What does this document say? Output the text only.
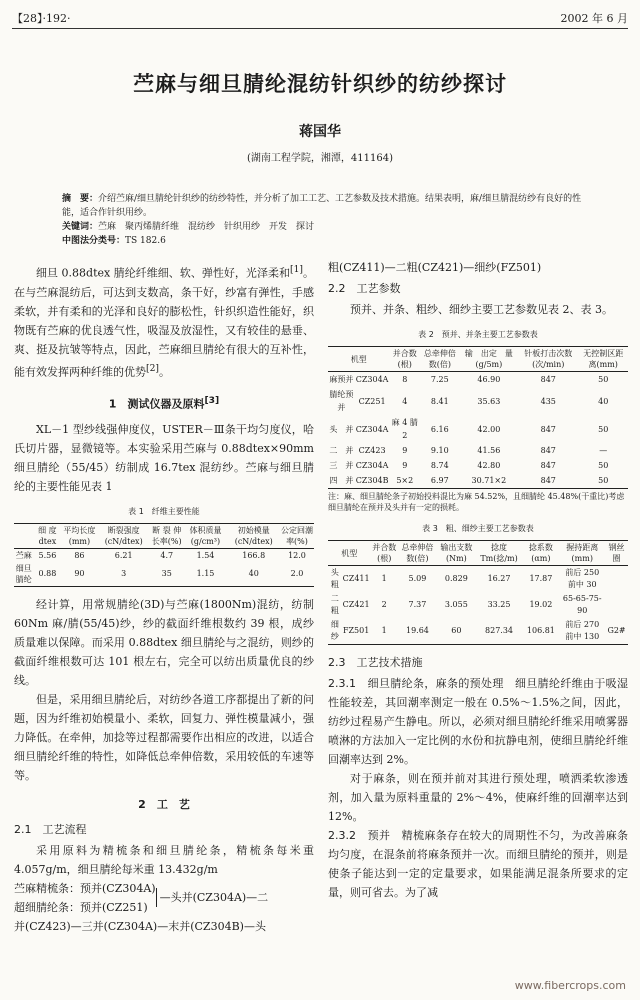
【28】·192·	2002 年 6 月
苎麻与细旦腈纶混纺针织纱的纺纱探讨
蒋国华
(湖南工程学院，湘潭，411164)
摘　要：介绍苎麻/细旦腈纶针织纱的纺纱特性，并分析了加工工艺、工艺参数及技术措施。结果表明，麻/细旦腈混纺纱有良好的性能，适合作针织用纱。
关键词：苎麻　聚丙烯腈纤维　混纺纱　针织用纱　开发　探讨
中图法分类号：TS 182.6

细旦 0.88dtex 腈纶纤维细、软、弹性好，光泽柔和[1]。在与苎麻混纺后，可达到支数高，条干好，纱富有弹性，手感柔软，并有柔和的光泽和良好的膨松性，针织织造性能好，织物既有苎麻的优良透气性，吸湿及放湿性，又有较佳的悬垂、爽、挺及抗皱等特点，因此，苎麻细旦腈纶有很大的互补性，能有效发挥两种纤维的优势[2]。

1　测试仪器及原料[3]

XL－1 型纱线强伸度仪，USTER－Ⅲ条干均匀度仪，哈氏切片器，显微镜等。本实验采用苎麻与 0.88dtex×90mm 细旦腈纶（55/45）纺制成 16.7tex 混纺纱。苎麻与细旦腈纶的主要性能见表 1

表 1　纤维主要性能
	细 度 dtex	平均长度(mm)	断裂强度(cN/dtex)	断 裂 伸长率(%)	体积质量(g/cm³)	初始模量(cN/dtex)	公定回潮率(%)
苎麻	5.56	86	6.21	4.7	1.54	166.8	12.0
细旦腈纶	0.88	90	3	35	1.15	40	2.0

经计算，用常规腈纶(3D)与苎麻(1800Nm)混纺，纺制 60Nm 麻/腈(55/45)纱，纱的截面纤维根数约 39 根，成纱质量难以保障。而采用 0.88dtex 细旦腈纶与之混纺，则纱的截面纤维根数可达 101 根左右，完全可以纺出质量优良的纱线。

但是，采用细旦腈纶后，对纺纱各道工序都提出了新的问题，因为纤维初始模量小、柔软，回复力、弹性模量减小，强力降低。在牵伸，加捻等过程都需要作出相应的改进，以适合细旦腈纶纤维的特性，如降低总牵伸倍数，采用较低的车速等等。

2　工　艺
2.1　工艺流程

采用原料为精梳条和细旦腈纶条，精梳条每米重 4.057g/m，细旦腈纶每米重 13.432g/m

苎麻精梳条：预并(CZ304A)
超细腈纶条：预并(CZ251)
—头并(CZ304A)—二
并(CZ423)—三并(CZ304A)—末并(CZ304B)—头
粗(CZ411)—二粗(CZ421)—细纱(FZ501)
2.2　工艺参数

预并、并条、粗纱、细纱主要工艺参数见表 2、表 3。

表 2　预并、并条主要工艺参数表
机型		并合数(根)	总牵伸倍数(倍)	输　出定　量(g/5m)	针板打击次数(次/min)	无控制区距离(mm)
麻预并	CZ304A	8	7.25	46.90	847	50
腈纶预并	CZ251	4	8.41	35.63	435	40
头　并	CZ304A	麻 4 腈 2	6.16	42.00	847	50
二　并	CZ423	9	9.10	41.56	847	—
三　并	CZ304A	9	8.74	42.80	847	50
四　并	CZ304B	5×2	6.97	30.71×2	847	50
注：麻、细旦腈纶条子初始投料混比为麻 54.52%，且细腈纶 45.48%(干重比)考虑细旦腈纶在预并及头并有一定的损耗。
表 3　粗、细纱主要工艺参数表
机型		并合数(根)	总牵伸倍数(倍)	输出支数(Nm)	捻度Tm(捻/m)	捻系数(αm)	握持距离(mm)	钢丝圈
头粗	CZ411	1	5.09	0.829	16.27	17.87	前后 250 前中 30	
二粗	CZ421	2	7.37	3.055	33.25	19.02	65-65-75-90	
细纱	FZ501	1	19.64	60	827.34	106.81	前后 270 前中 130	G2#
2.3　工艺技术措施

2.3.1　细旦腈纶条，麻条的预处理　细旦腈纶纤维由于吸湿性能较差，其回潮率测定一般在 0.5%～1.5%之间，因此，纺纱过程易产生静电。所以，必须对细旦腈纶纤维采用喷雾器喷淋的方法加入一定比例的水份和抗静电剂，使细旦腈纶纤维回潮率达到 2%。

对于麻条，则在预并前对其进行预处理，喷洒柔软渗透剂，加入量为原料重量的 2%～4%，使麻纤维的回潮率达到 12%。

2.3.2　预并　 精梳麻条存在较大的周期性不匀，为改善麻条均匀度，在混条前将麻条预并一次。而细旦腈纶的预并，则是使条子能达到一定的定量要求，如果能满足混条所要求的定量，则可省去。为了减

www.fibercrops.com
